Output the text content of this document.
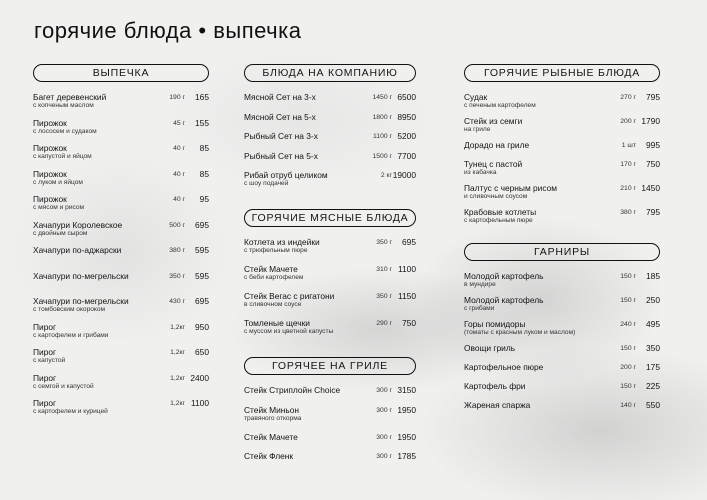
горячие блюда • выпечка
ВЫПЕЧКА
Багет деревенский
с копченым маслом
190 г 165
Пирожок
с лососем и судаком
45 г 155
Пирожок
с капустой и яйцом
40 г 85
Пирожок
с луком и яйцом
40 г 85
Пирожок
с мясом и рисом
40 г 95
Хачапури Королевское
с двойным сыром
500 г 695
Хачапури по-аджарски	380 г 595
Хачапури по-мегрельски	350 г 595
Хачапури по-мегрельски
с томбовским окороком
430 г 695
Пирог
с картофелем и грибами
1,2кг 950
Пирог
с капустой
1,2кг 650
Пирог
с семгой и капустой
1,2кг 2400
Пирог
с картофелем и курицей
1,2кг 1100
БЛЮДА НА КОМПАНИЮ
Мясной Сет на 3-х	1450 г 6500
Мясной Сет на 5-х	1800 г 8950
Рыбный Сет на 3-х	1100 г 5200
Рыбный Сет на 5-х	1500 г 7700
Рибай отруб целиком
с шоу подачей
2 кг 19000
ГОРЯЧИЕ МЯСНЫЕ БЛЮДА
Котлета из индейки
с трюфельным пюре
350 г 695
Стейк Мачете
с беби картофелем
310 г 1100
Стейк Вегас с ригатони
в сливочном соусе
350 г 1150
Томленые щечки
с муссом из цветной капусты
290 г 750
ГОРЯЧЕЕ НА ГРИЛЕ
Стейк Стриплойн Choice	300 г 3150
Стейк Миньон
травяного откорма
300 г 1950
Стейк Мачете	300 г 1950
Стейк Фленк	300 г 1785
ГОРЯЧИЕ РЫБНЫЕ БЛЮДА
Судак
с печеным картофелем
270 г 795
Стейк из семги
на гриле
200 г 1790
Дорадо на гриле	1 шт 995
Тунец с пастой
из кабачка
170 г 750
Палтус с черным рисом
и сливочным соусом
210 г 1450
Крабовые котлеты
с картофельным пюре
380 г 795
ГАРНИРЫ
Молодой картофель
в мундире
150 г 185
Молодой картофель
с грибами
150 г 250
Горы помидоры
(томаты с красным луком и маслом)
240 г 495
Овощи гриль	150 г 350
Картофельное пюре	200 г 175
Картофель фри	150 г 225
Жареная спаржа	140 г 550
